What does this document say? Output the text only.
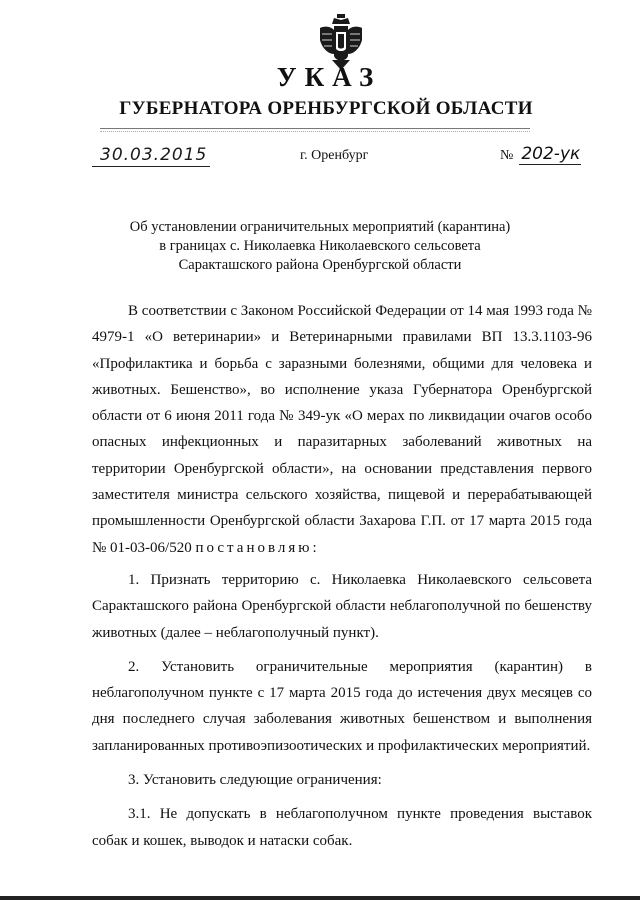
УКАЗ
ГУБЕРНАТОРА ОРЕНБУРГСКОЙ ОБЛАСТИ
30.03.2015	г. Оренбург	№ 202-ук
Об установлении ограничительных мероприятий (карантина)
в границах с. Николаевка Николаевского сельсовета
Саракташского района Оренбургской области

В соответствии с Законом Российской Федерации от 14 мая 1993 года № 4979-1 «О ветеринарии» и Ветеринарными правилами ВП 13.3.1103-96 «Профилактика и борьба с заразными болезнями, общими для человека и животных. Бешенство», во исполнение указа Губернатора Оренбургской области от 6 июня 2011 года № 349-ук «О мерах по ликвидации очагов особо опасных инфекционных и паразитарных заболеваний животных на территории Оренбургской области», на основании представления первого заместителя министра сельского хозяйства, пищевой и перерабатывающей промышленности Оренбургской области Захарова Г.П. от 17 марта 2015 года № 01-03-06/520 постановляю:

1. Признать территорию с. Николаевка Николаевского сельсовета Саракташского района Оренбургской области неблагополучной по бешенству животных (далее – неблагополучный пункт).

2. Установить ограничительные мероприятия (карантин) в неблагополучном пункте с 17 марта 2015 года до истечения двух месяцев со дня последнего случая заболевания животных бешенством и выполнения запланированных противоэпизоотических и профилактических мероприятий.

3. Установить следующие ограничения:

3.1. Не допускать в неблагополучном пункте проведения выставок собак и кошек, выводок и натаски собак.
